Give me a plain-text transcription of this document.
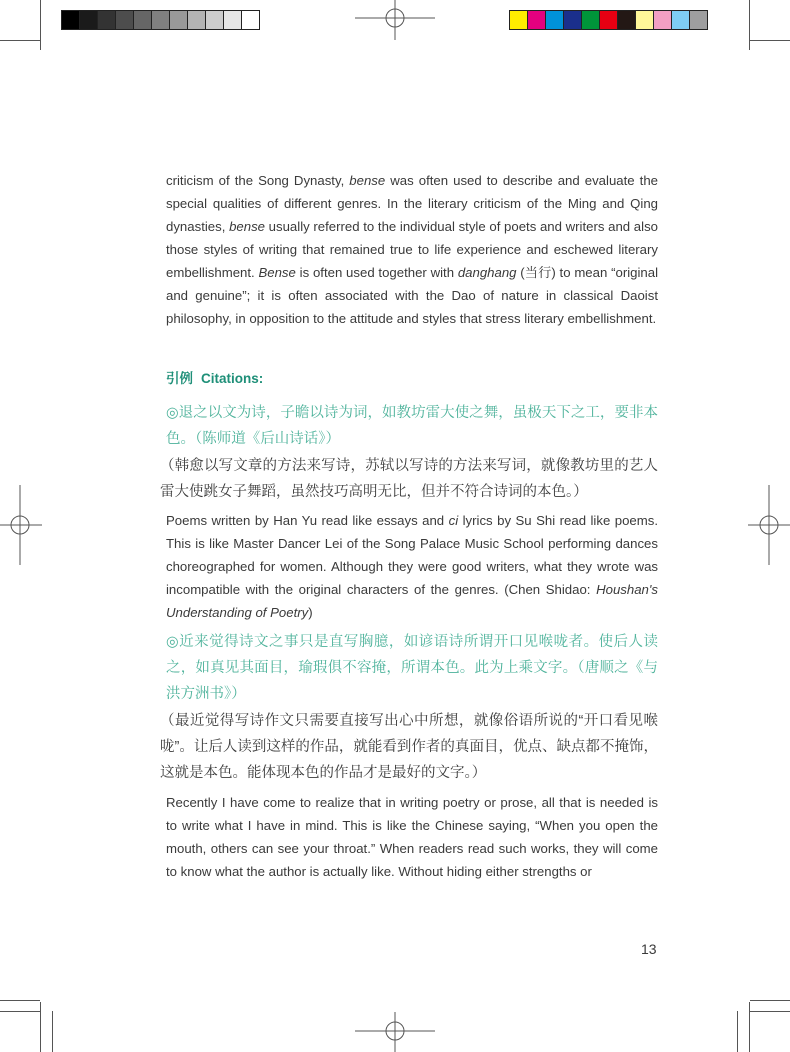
criticism of the Song Dynasty, bense was often used to describe and evaluate the special qualities of different genres. In the literary criticism of the Ming and Qing dynasties, bense usually referred to the individual style of poets and writers and also those styles of writing that remained true to life experience and eschewed literary embellishment. Bense is often used together with danghang (当行) to mean “original and genuine”; it is often associated with the Dao of nature in classical Daoist philosophy, in opposition to the attitude and styles that stress literary embellishment.

引例 Citations:

◎退之以文为诗，子瞻以诗为词，如教坊雷大使之舞，虽极天下之工，要非本色。（陈师道《后山诗话》）

（韩愈以写文章的方法来写诗，苏轼以写诗的方法来写词，就像教坊里的艺人雷大使跳女子舞蹈，虽然技巧高明无比，但并不符合诗词的本色。）

Poems written by Han Yu read like essays and ci lyrics by Su Shi read like poems. This is like Master Dancer Lei of the Song Palace Music School performing dances choreographed for women. Although they were good writers, what they wrote was incompatible with the original characters of the genres. (Chen Shidao: Houshan's Understanding of Poetry)

◎近来觉得诗文之事只是直写胸臆，如谚语诗所谓开口见喉咙者。使后人读之，如真见其面目，瑜瑕俱不容掩，所谓本色。此为上乘文字。（唐顺之《与洪方洲书》）

（最近觉得写诗作文只需要直接写出心中所想，就像俗语所说的“开口看见喉咙”。让后人读到这样的作品，就能看到作者的真面目，优点、缺点都不掩饰，这就是本色。能体现本色的作品才是最好的文字。）

Recently I have come to realize that in writing poetry or prose, all that is needed is to write what I have in mind. This is like the Chinese saying, “When you open the mouth, others can see your throat.” When readers read such works, they will come to know what the author is actually like. Without hiding either strengths or

13
